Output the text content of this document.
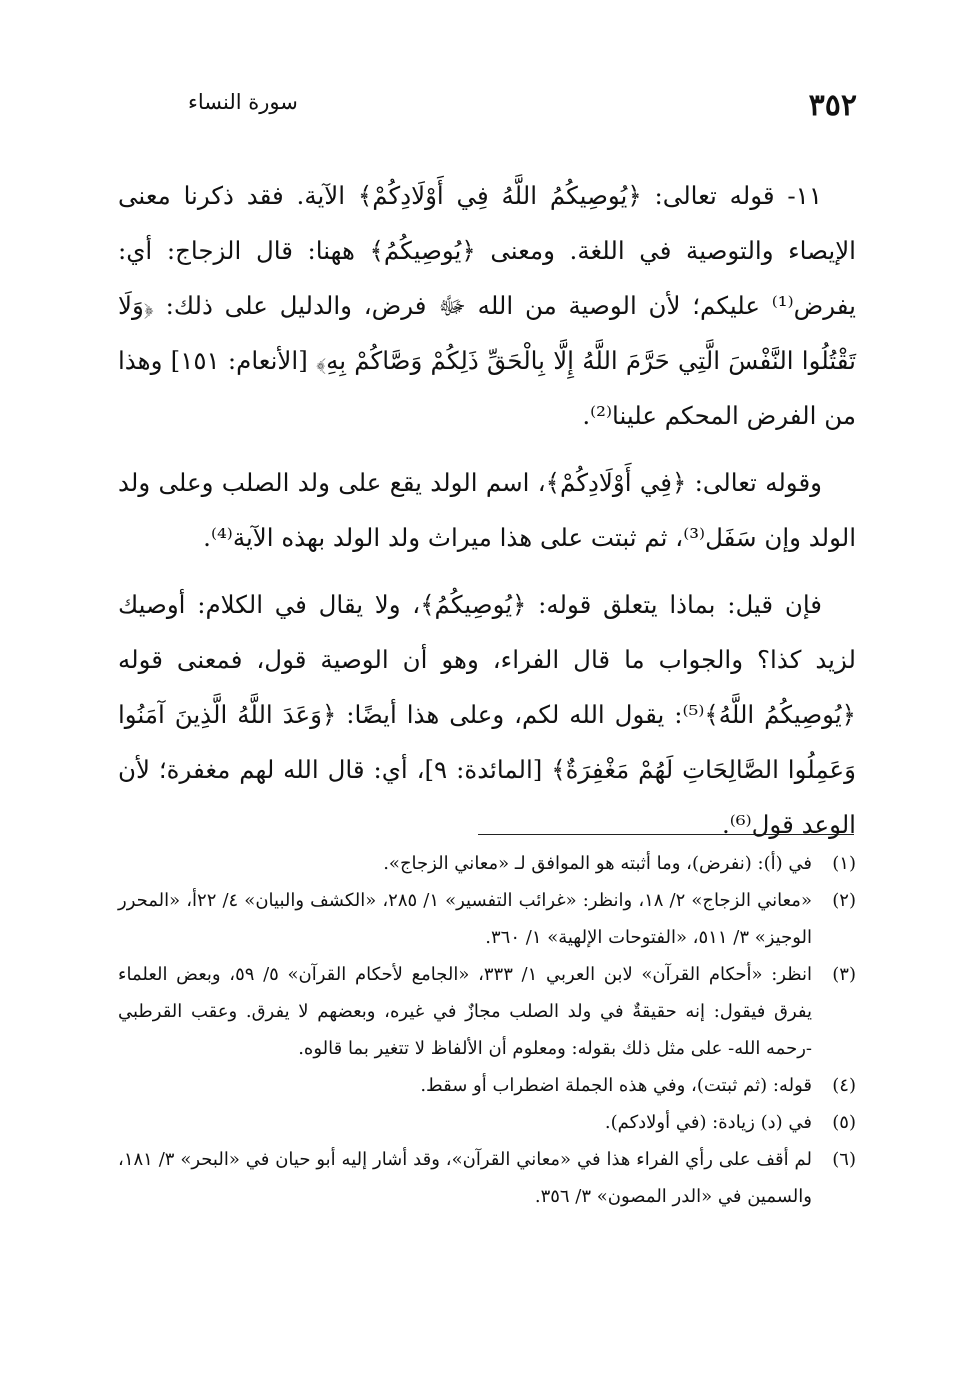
٣٥٢
سورة النساء

١١- قوله تعالى: ﴿يُوصِيكُمُ اللَّهُ فِي أَوْلَادِكُمْ﴾ الآية. فقد ذكرنا معنى الإيصاء والتوصية في اللغة. ومعنى ﴿يُوصِيكُمُ﴾ ههنا: قال الزجاج: أي: يفرض⁽¹⁾ عليكم؛ لأن الوصية من الله ﷻ فرض، والدليل على ذلك: ﴿وَلَا تَقْتُلُوا النَّفْسَ الَّتِي حَرَّمَ اللَّهُ إِلَّا بِالْحَقِّ ذَلِكُمْ وَصَّاكُمْ بِهِ﴾ [الأنعام: ١٥١] وهذا من الفرض المحكم علينا⁽²⁾.

وقوله تعالى: ﴿فِي أَوْلَادِكُمْ﴾، اسم الولد يقع على ولد الصلب وعلى ولد الولد وإن سَفَل⁽³⁾، ثم ثبتت على هذا ميراث ولد الولد بهذه الآية⁽⁴⁾.

فإن قيل: بماذا يتعلق قوله: ﴿يُوصِيكُمُ﴾، ولا يقال في الكلام: أوصيك لزيد كذا؟ والجواب ما قال الفراء، وهو أن الوصية قول، فمعنى قوله ﴿يُوصِيكُمُ اللَّهُ﴾⁽⁵⁾: يقول الله لكم، وعلى هذا أيضًا: ﴿وَعَدَ اللَّهُ الَّذِينَ آمَنُوا وَعَمِلُوا الصَّالِحَاتِ لَهُمْ مَغْفِرَةٌ﴾ [المائدة: ٩]، أي: قال الله لهم مغفرة؛ لأن الوعد قول⁽⁶⁾.

(١)
في (أ): (نفرض)، وما أثبته هو الموافق لـ «معاني الزجاج».
(٢)
«معاني الزجاج» ٢/ ١٨، وانظر: «غرائب التفسير» ١/ ٢٨٥، «الكشف والبيان» ٤/ ٢٢أ، «المحرر الوجيز» ٣/ ٥١١، «الفتوحات الإلهية» ١/ ٣٦٠.
(٣)
انظر: «أحكام القرآن» لابن العربي ١/ ٣٣٣، «الجامع لأحكام القرآن» ٥/ ٥٩، وبعض العلماء يفرق فيقول: إنه حقيقةٌ في ولد الصلب مجازٌ في غيره، وبعضهم لا يفرق. وعقب القرطبي -رحمه الله- على مثل ذلك بقوله: ومعلوم أن الألفاظ لا تتغير بما قالوه.
(٤)
قوله: (ثم ثبتت)، وفي هذه الجملة اضطراب أو سقط.
(٥)
في (د) زيادة: (في أولادكم).
(٦)
لم أقف على رأي الفراء هذا في «معاني القرآن»، وقد أشار إليه أبو حيان في «البحر» ٣/ ١٨١، والسمين في «الدر المصون» ٣/ ٣٥٦.
